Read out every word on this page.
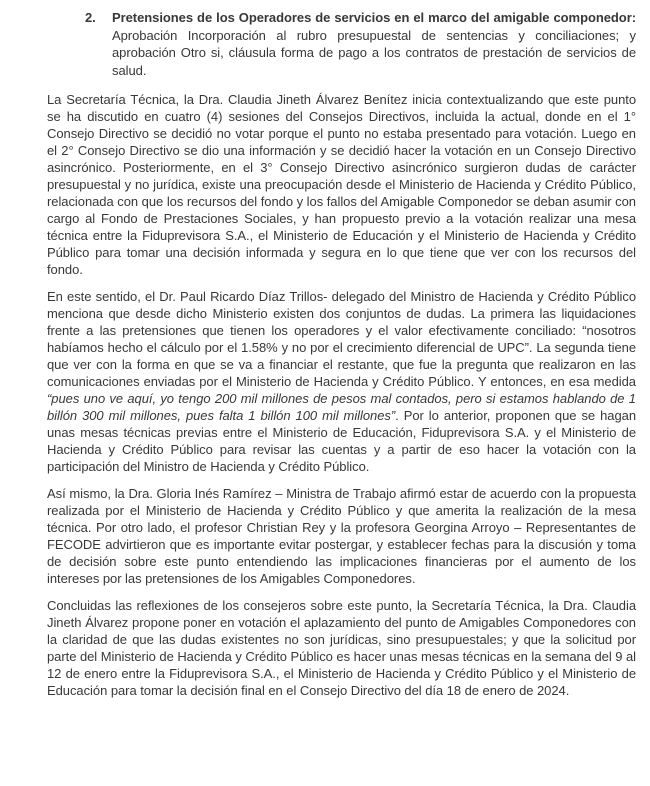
2.	Pretensiones de los Operadores de servicios en el marco del amigable componedor: Aprobación Incorporación al rubro presupuestal de sentencias y conciliaciones; y aprobación Otro si, cláusula forma de pago a los contratos de prestación de servicios de salud.

La Secretaría Técnica, la Dra. Claudia Jineth Álvarez Benítez inicia contextualizando que este punto se ha discutido en cuatro (4) sesiones del Consejos Directivos, incluida la actual, donde en el 1° Consejo Directivo se decidió no votar porque el punto no estaba presentado para votación. Luego en el 2° Consejo Directivo se dio una información y se decidió hacer la votación en un Consejo Directivo asincrónico. Posteriormente, en el 3° Consejo Directivo asincrónico surgieron dudas de carácter presupuestal y no jurídica, existe una preocupación desde el Ministerio de Hacienda y Crédito Público, relacionada con que los recursos del fondo y los fallos del Amigable Componedor se deban asumir con cargo al Fondo de Prestaciones Sociales, y han propuesto previo a la votación realizar una mesa técnica entre la Fiduprevisora S.A., el Ministerio de Educación y el Ministerio de Hacienda y Crédito Público para tomar una decisión informada y segura en lo que tiene que ver con los recursos del fondo.

En este sentido, el Dr. Paul Ricardo Díaz Trillos- delegado del Ministro de Hacienda y Crédito Público menciona que desde dicho Ministerio existen dos conjuntos de dudas. La primera las liquidaciones frente a las pretensiones que tienen los operadores y el valor efectivamente conciliado: “nosotros habíamos hecho el cálculo por el 1.58% y no por el crecimiento diferencial de UPC”. La segunda tiene que ver con la forma en que se va a financiar el restante, que fue la pregunta que realizaron en las comunicaciones enviadas por el Ministerio de Hacienda y Crédito Público. Y entonces, en esa medida “pues uno ve aquí, yo tengo 200 mil millones de pesos mal contados, pero si estamos hablando de 1 billón 300 mil millones, pues falta 1 billón 100 mil millones”. Por lo anterior, proponen que se hagan unas mesas técnicas previas entre el Ministerio de Educación, Fiduprevisora S.A. y el Ministerio de Hacienda y Crédito Público para revisar las cuentas y a partir de eso hacer la votación con la participación del Ministro de Hacienda y Crédito Público.

Así mismo, la Dra. Gloria Inés Ramírez – Ministra de Trabajo afirmó estar de acuerdo con la propuesta realizada por el Ministerio de Hacienda y Crédito Público y que amerita la realización de la mesa técnica. Por otro lado, el profesor Christian Rey y la profesora Georgina Arroyo – Representantes de FECODE advirtieron que es importante evitar postergar, y establecer fechas para la discusión y toma de decisión sobre este punto entendiendo las implicaciones financieras por el aumento de los intereses por las pretensiones de los Amigables Componedores.

Concluidas las reflexiones de los consejeros sobre este punto, la Secretaría Técnica, la Dra. Claudia Jineth Álvarez propone poner en votación el aplazamiento del punto de Amigables Componedores con la claridad de que las dudas existentes no son jurídicas, sino presupuestales; y que la solicitud por parte del Ministerio de Hacienda y Crédito Público es hacer unas mesas técnicas en la semana del 9 al 12 de enero entre la Fiduprevisora S.A., el Ministerio de Hacienda y Crédito Público y el Ministerio de Educación para tomar la decisión final en el Consejo Directivo del día 18 de enero de 2024.
